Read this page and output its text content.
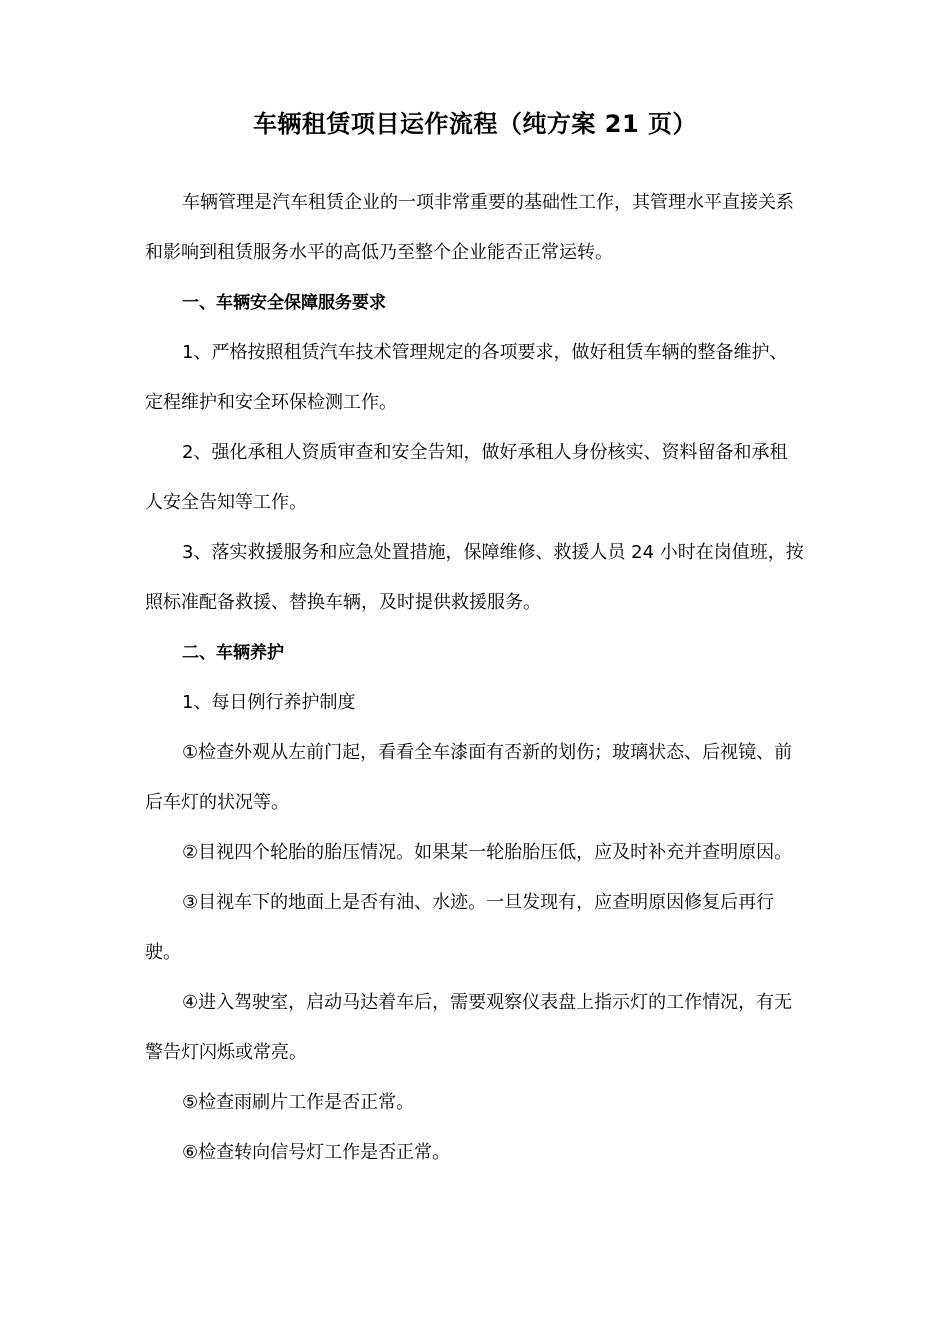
车辆租赁项目运作流程（纯方案 21 页）

车辆管理是汽车租赁企业的一项非常重要的基础性工作，其管理水平直接关系和影响到租赁服务水平的高低乃至整个企业能否正常运转。

一、车辆安全保障服务要求

1、严格按照租赁汽车技术管理规定的各项要求，做好租赁车辆的整备维护、定程维护和安全环保检测工作。

2、强化承租人资质审查和安全告知，做好承租人身份核实、资料留备和承租人安全告知等工作。

3、落实救援服务和应急处置措施，保障维修、救援人员 24 小时在岗值班，按照标准配备救援、替换车辆，及时提供救援服务。

二、车辆养护

1、每日例行养护制度

①检查外观从左前门起，看看全车漆面有否新的划伤；玻璃状态、后视镜、前后车灯的状况等。

②目视四个轮胎的胎压情况。如果某一轮胎胎压低，应及时补充并查明原因。

③目视车下的地面上是否有油、水迹。一旦发现有，应查明原因修复后再行驶。

④进入驾驶室，启动马达着车后，需要观察仪表盘上指示灯的工作情况，有无警告灯闪烁或常亮。

⑤检查雨刷片工作是否正常。

⑥检查转向信号灯工作是否正常。
